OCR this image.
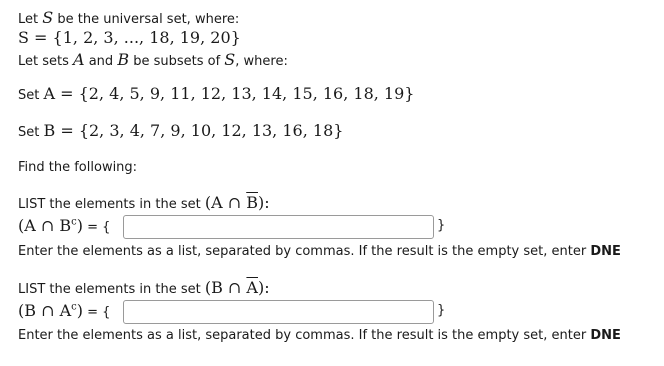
Let S be the universal set, where:
S = {1, 2, 3, ..., 18, 19, 20}
Let sets A and B be subsets of S, where:
Set A = {2, 4, 5, 9, 11, 12, 13, 14, 15, 16, 18, 19}
Set B = {2, 3, 4, 7, 9, 10, 12, 13, 16, 18}
Find the following:
LIST the elements in the set (A ∩ $\overline{B}$):
(A ∩ $B^c$) = {	}
Enter the elements as a list, separated by commas. If the result is the empty set, enter DNE
LIST the elements in the set (B ∩ $\overline{A}$):
(B ∩ $A^c$) = {	}
Enter the elements as a list, separated by commas. If the result is the empty set, enter DNE
